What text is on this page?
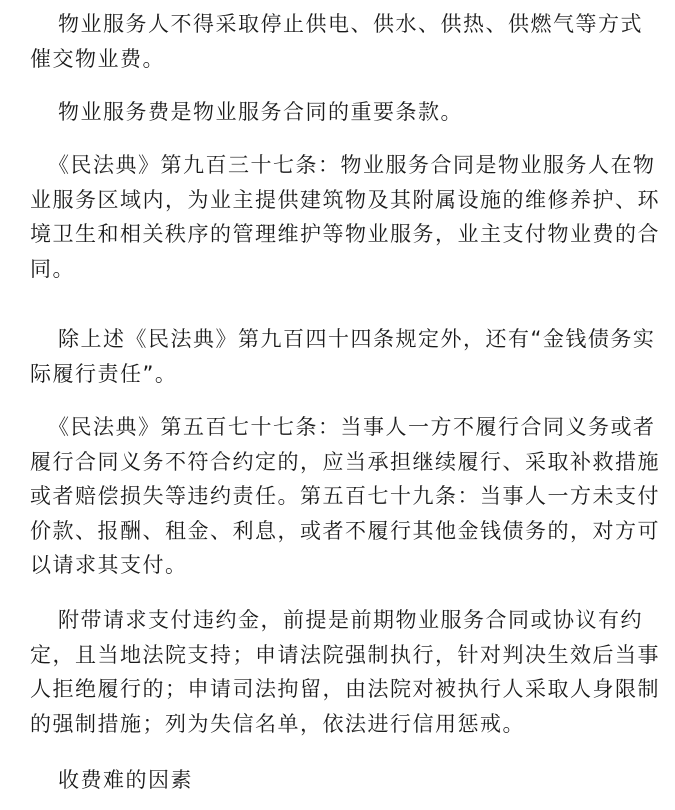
物业服务人不得采取停止供电、供水、供热、供燃气等方式催交物业费。

物业服务费是物业服务合同的重要条款。

《民法典》第九百三十七条：物业服务合同是物业服务人在物业服务区域内，为业主提供建筑物及其附属设施的维修养护、环境卫生和相关秩序的管理维护等物业服务，业主支付物业费的合同。

除上述《民法典》第九百四十四条规定外，还有“金钱债务实际履行责任”。

《民法典》第五百七十七条：当事人一方不履行合同义务或者履行合同义务不符合约定的，应当承担继续履行、采取补救措施或者赔偿损失等违约责任。第五百七十九条：当事人一方未支付价款、报酬、租金、利息，或者不履行其他金钱债务的，对方可以请求其支付。

附带请求支付违约金，前提是前期物业服务合同或协议有约定，且当地法院支持；申请法院强制执行，针对判决生效后当事人拒绝履行的；申请司法拘留，由法院对被执行人采取人身限制的强制措施；列为失信名单，依法进行信用惩戒。

收费难的因素
